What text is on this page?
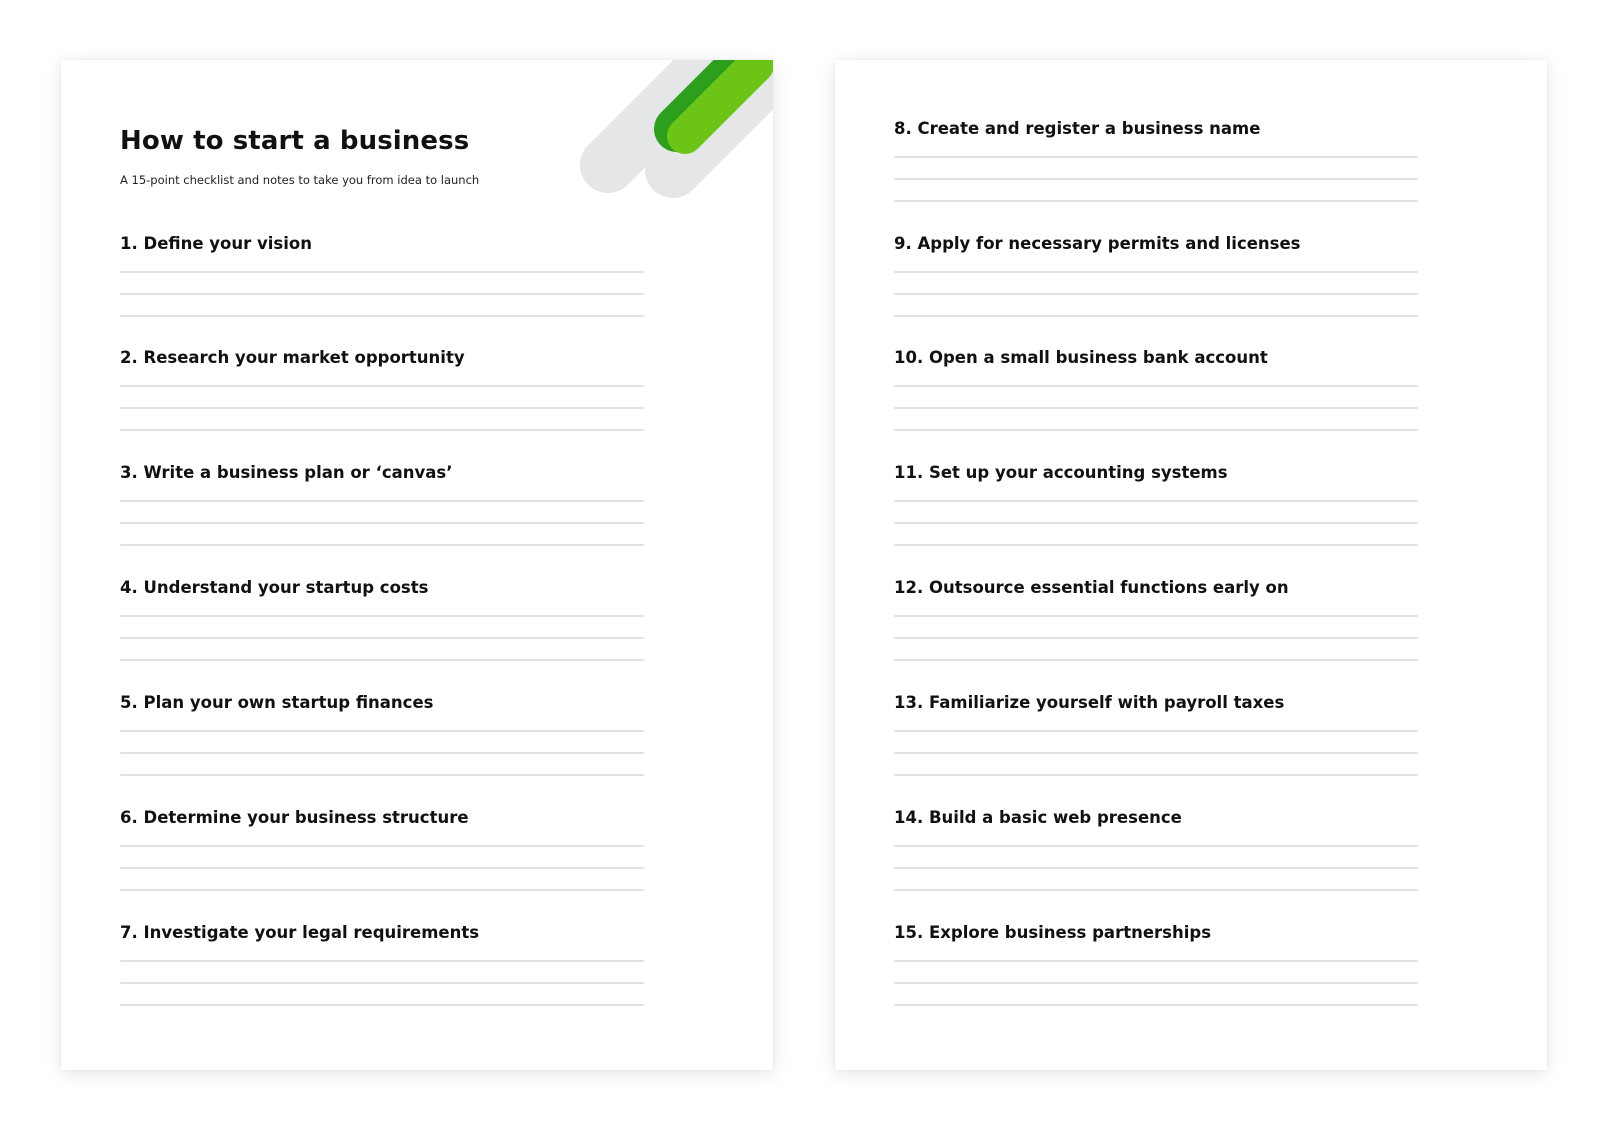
How to start a business

A 15-point checklist and notes to take you from idea to launch

1. Define your vision
2. Research your market opportunity
3. Write a business plan or ‘canvas’
4. Understand your startup costs
5. Plan your own startup finances
6. Determine your business structure
7. Investigate your legal requirements
8. Create and register a business name
9. Apply for necessary permits and licenses
10. Open a small business bank account
11. Set up your accounting systems
12. Outsource essential functions early on
13. Familiarize yourself with payroll taxes
14. Build a basic web presence
15. Explore business partnerships
